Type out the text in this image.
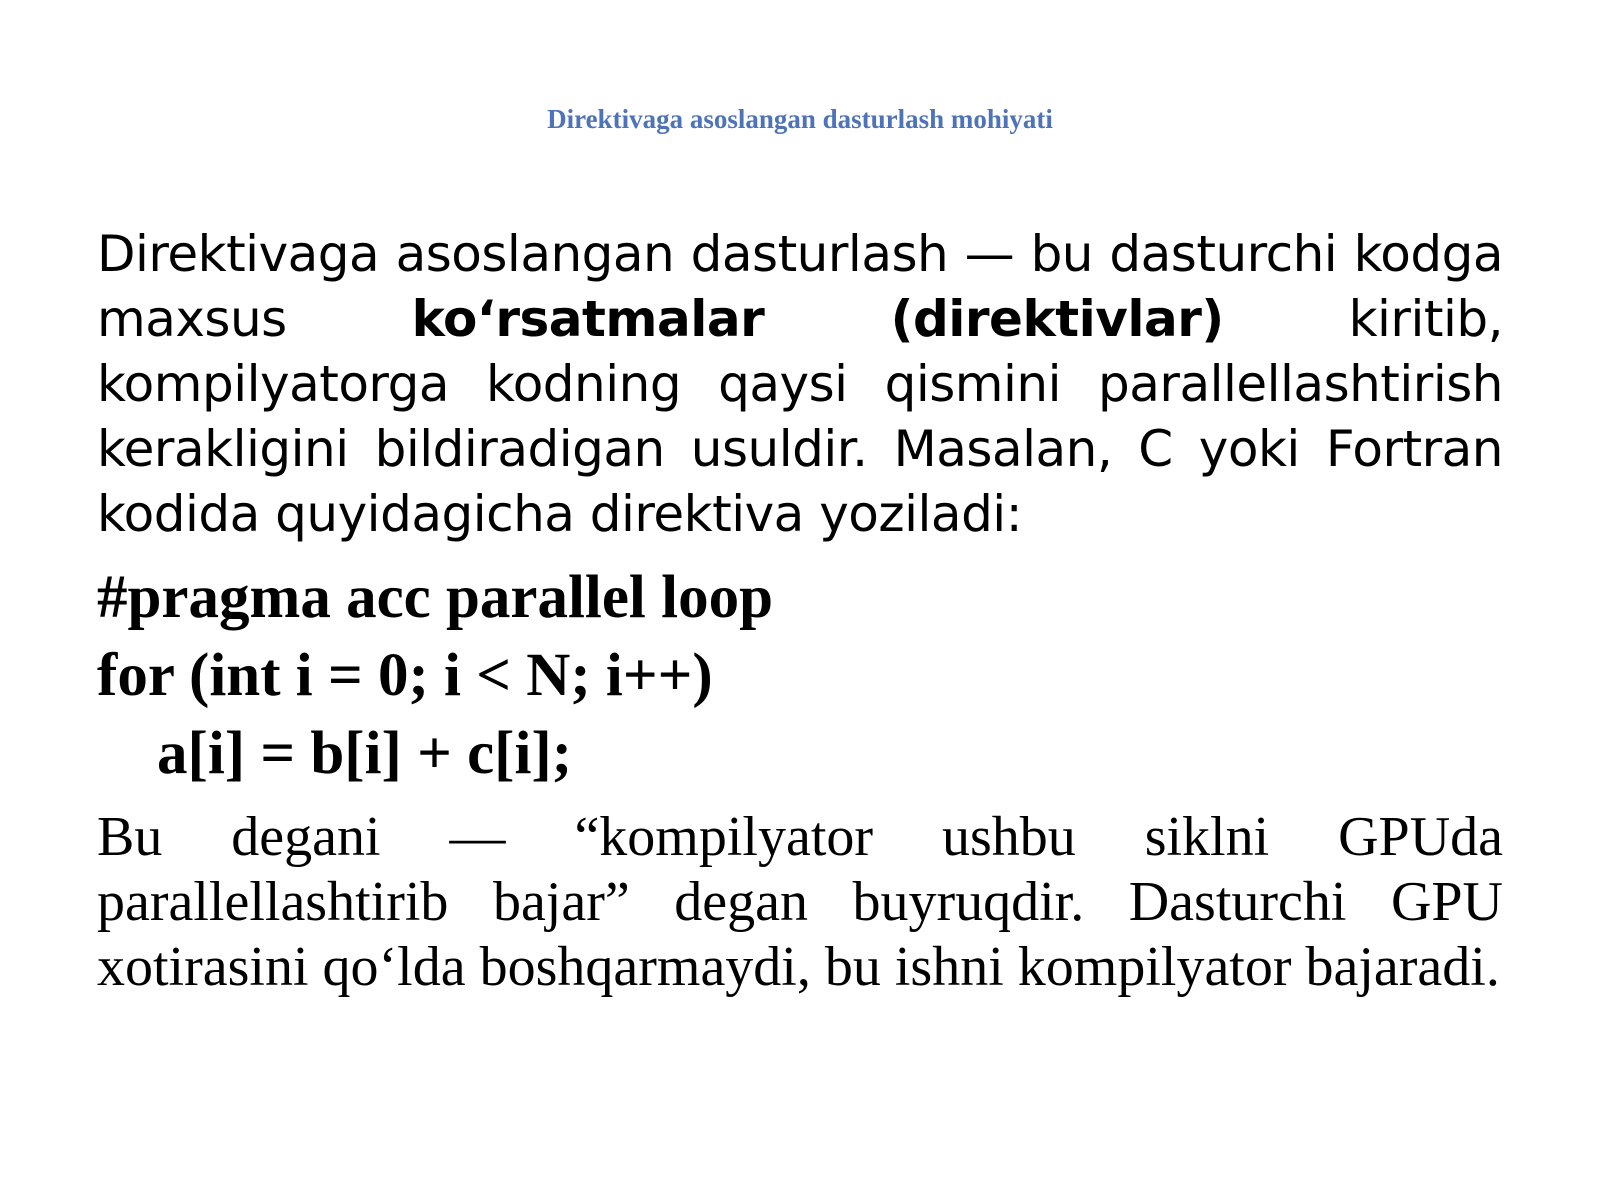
Direktivaga asoslangan dasturlash mohiyati

Direktivaga asoslangan dasturlash — bu dasturchi kodga maxsus ko‘rsatmalar (direktivlar) kiritib, kompilyatorga kodning qaysi qismini parallellashtirish kerakligini bildiradigan usuldir. Masalan, C yoki Fortran kodida quyidagicha direktiva yoziladi:

#pragma acc parallel loop
for (int i = 0; i < N; i++)
a[i] = b[i] + c[i];

Bu degani — “kompilyator ushbu siklni GPUda parallellashtirib bajar” degan buyruqdir. Dasturchi GPU xotirasini qo‘lda boshqarmaydi, bu ishni kompilyator bajaradi.
